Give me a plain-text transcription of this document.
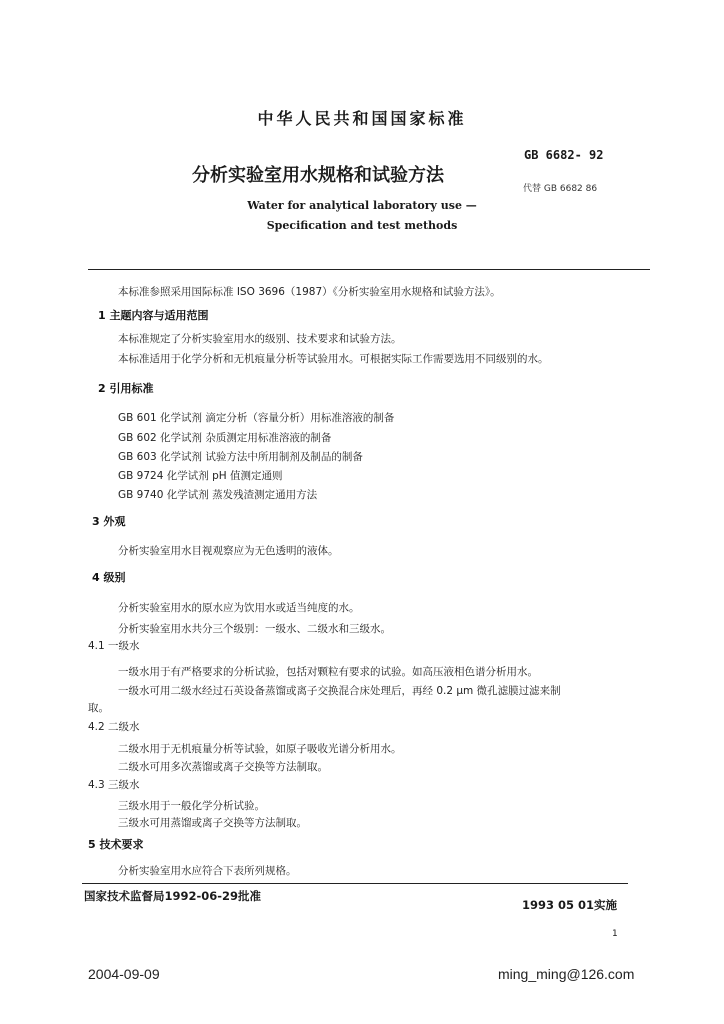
中华人民共和国国家标准
分析实验室用水规格和试验方法
GB 6682- 92
代替 GB 6682 86
Water for analytical laboratory use —
Specification and test methods
本标准参照采用国际标准 ISO 3696（1987）《分析实验室用水规格和试验方法》。
1 主题内容与适用范围
本标准规定了分析实验室用水的级别、技术要求和试验方法。
本标准适用于化学分析和无机痕量分析等试验用水。可根据实际工作需要选用不同级别的水。
2 引用标准
GB 601 化学试剂 滴定分析（容量分析）用标准溶液的制备
GB 602 化学试剂 杂质测定用标准溶液的制备
GB 603 化学试剂 试验方法中所用制剂及制品的制备
GB 9724 化学试剂 pH 值测定通则
GB 9740 化学试剂 蒸发残渣测定通用方法
3 外观
分析实验室用水目视观察应为无色透明的液体。
4 级别
分析实验室用水的原水应为饮用水或适当纯度的水。
分析实验室用水共分三个级别：一级水、二级水和三级水。
4.1 一级水
一级水用于有严格要求的分析试验，包括对颗粒有要求的试验。如高压液相色谱分析用水。
一级水可用二级水经过石英设备蒸馏或离子交换混合床处理后，再经 0.2 μm 微孔滤膜过滤来制
取。
4.2 二级水
二级水用于无机痕量分析等试验，如原子吸收光谱分析用水。
二级水可用多次蒸馏或离子交换等方法制取。
4.3 三级水
三级水用于一般化学分析试验。
三级水可用蒸馏或离子交换等方法制取。
5 技术要求
分析实验室用水应符合下表所列规格。
国家技术监督局1992-06-29批准
1993 05 01实施
1
2004-09-09	ming_ming@126.com
